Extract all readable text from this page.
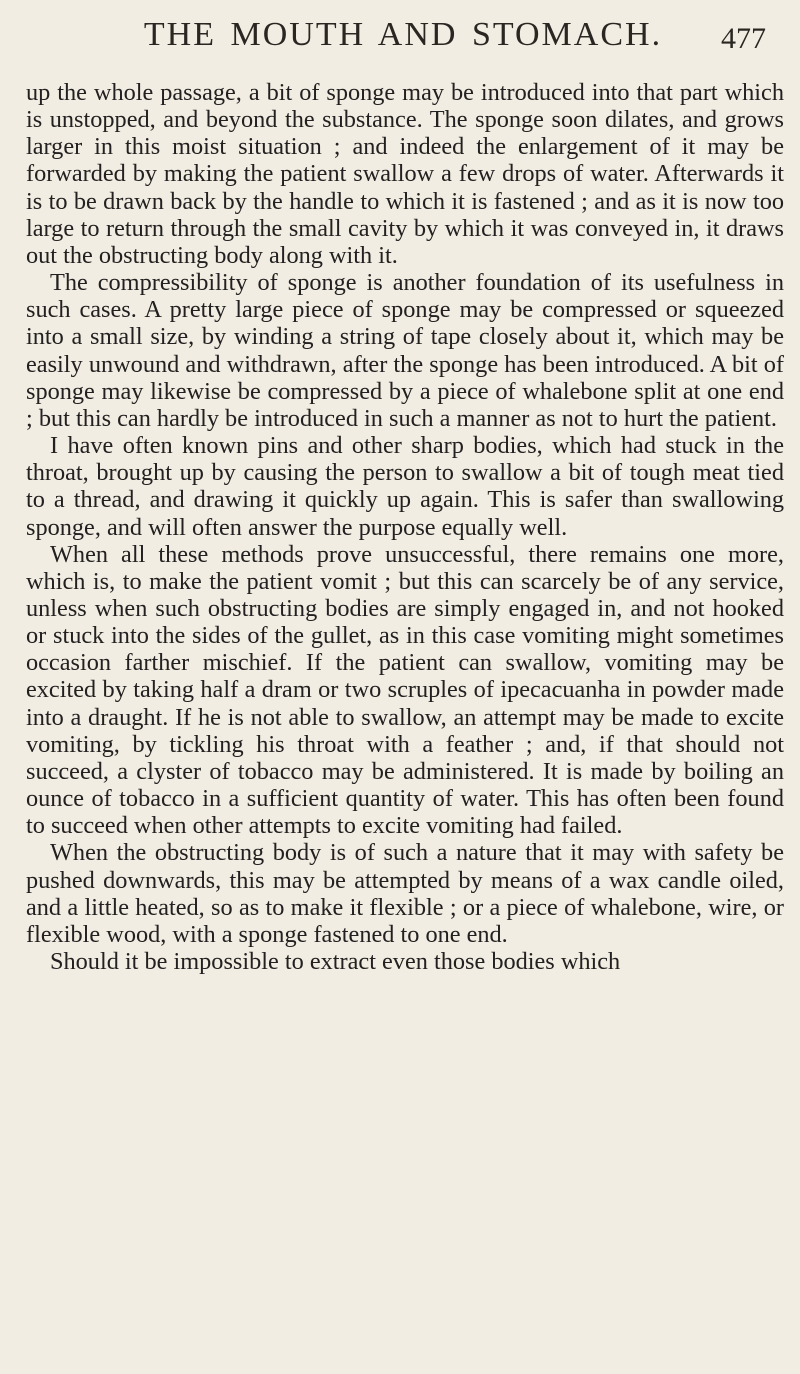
THE MOUTH AND STOMACH.	477

up the whole passage, a bit of sponge may be introduced into that part which is unstopped, and beyond the substance. The sponge soon dilates, and grows larger in this moist situation ; and indeed the enlargement of it may be forwarded by making the patient swallow a few drops of water. Afterwards it is to be drawn back by the handle to which it is fastened ; and as it is now too large to return through the small cavity by which it was conveyed in, it draws out the obstructing body along with it.

The compressibility of sponge is another foundation of its usefulness in such cases. A pretty large piece of sponge may be compressed or squeezed into a small size, by winding a string of tape closely about it, which may be easily unwound and withdrawn, after the sponge has been introduced. A bit of sponge may likewise be compressed by a piece of whalebone split at one end ; but this can hardly be introduced in such a manner as not to hurt the patient.

I have often known pins and other sharp bodies, which had stuck in the throat, brought up by causing the person to swallow a bit of tough meat tied to a thread, and drawing it quickly up again. This is safer than swallowing sponge, and will often answer the purpose equally well.

When all these methods prove unsuccessful, there remains one more, which is, to make the patient vomit ; but this can scarcely be of any service, unless when such obstructing bodies are simply engaged in, and not hooked or stuck into the sides of the gullet, as in this case vomiting might sometimes occasion farther mischief. If the patient can swallow, vomiting may be excited by taking half a dram or two scruples of ipecacuanha in powder made into a draught. If he is not able to swallow, an attempt may be made to excite vomiting, by tickling his throat with a feather ; and, if that should not succeed, a clyster of tobacco may be administered. It is made by boiling an ounce of tobacco in a sufficient quantity of water. This has often been found to succeed when other attempts to excite vomiting had failed.

When the obstructing body is of such a nature that it may with safety be pushed downwards, this may be attempted by means of a wax candle oiled, and a little heated, so as to make it flexible ; or a piece of whalebone, wire, or flexible wood, with a sponge fastened to one end.

Should it be impossible to extract even those bodies which
